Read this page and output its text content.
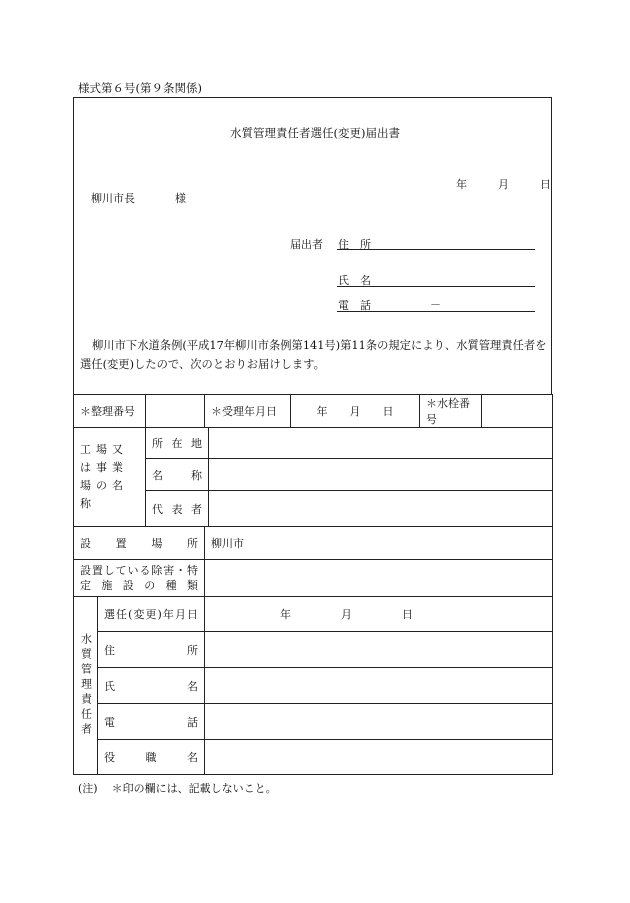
様式第６号(第９条関係)
水質管理責任者選任(変更)届出書
年	月	日
柳川市長	様
届出者 住　所
氏　名
電　話	－
柳川市下水道条例(平成17年柳川市条例第141号)第11条の規定により、水質管理責任者を選任(変更)したので、次のとおりお届けします。
＊整理番号			＊受理年月日		年 月 日	＊水栓番号	
工場又は事業場の名称		所在地					
		名称					
		代表者					
設置場所			柳川市				
設置している除害・特定施設の種類							
水質管理責任者	選任(変更)年月日		年 月 日				
	住所						
	氏名						
	電話						
	役職名						
(注) ＊印の欄には、記載しないこと。
